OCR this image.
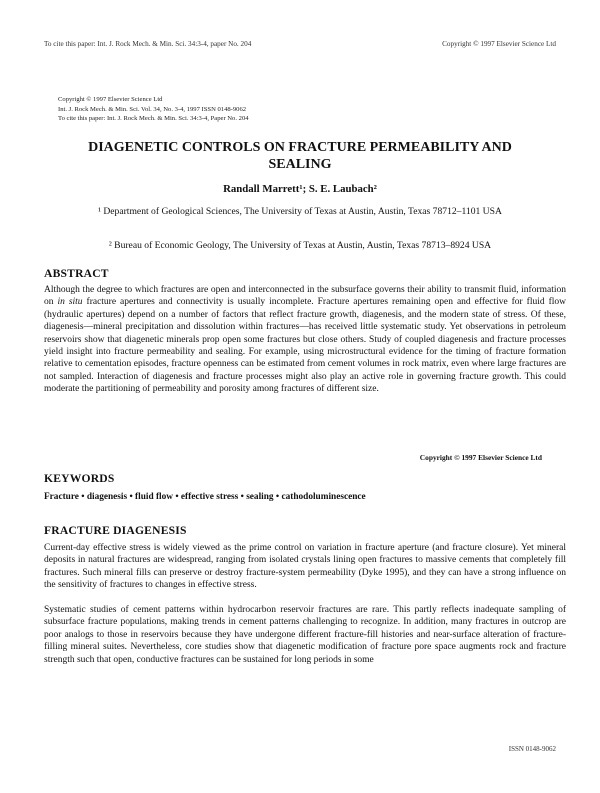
To cite this paper: Int. J. Rock Mech. & Min. Sci. 34:3-4, paper No. 204	Copyright © 1997 Elsevier Science Ltd
Copyright © 1997 Elsevier Science Ltd
Int. J. Rock Mech. & Min. Sci. Vol. 34, No. 3-4, 1997 ISSN 0148-9062
To cite this paper: Int. J. Rock Mech. & Min. Sci. 34:3-4, Paper No. 204
DIAGENETIC CONTROLS ON FRACTURE PERMEABILITY AND SEALING
Randall Marrett¹; S. E. Laubach²
¹ Department of Geological Sciences, The University of Texas at Austin, Austin, Texas 78712–1101 USA
² Bureau of Economic Geology, The University of Texas at Austin, Austin, Texas 78713–8924 USA
ABSTRACT

Although the degree to which fractures are open and interconnected in the subsurface governs their ability to transmit fluid, information on in situ fracture apertures and connectivity is usually incomplete. Fracture apertures remaining open and effective for fluid flow (hydraulic apertures) depend on a number of factors that reflect fracture growth, diagenesis, and the modern state of stress. Of these, diagenesis—mineral precipitation and dissolution within fractures—has received little systematic study. Yet observations in petroleum reservoirs show that diagenetic minerals prop open some fractures but close others. Study of coupled diagenesis and fracture processes yield insight into fracture permeability and sealing. For example, using microstructural evidence for the timing of fracture formation relative to cementation episodes, fracture openness can be estimated from cement volumes in rock matrix, even where large fractures are not sampled. Interaction of diagenesis and fracture processes might also play an active role in governing fracture growth. This could moderate the partitioning of permeability and porosity among fractures of different size.

Copyright © 1997 Elsevier Science Ltd
KEYWORDS
Fracture • diagenesis • fluid flow • effective stress • sealing • cathodoluminescence
FRACTURE DIAGENESIS

Current-day effective stress is widely viewed as the prime control on variation in fracture aperture (and fracture closure). Yet mineral deposits in natural fractures are widespread, ranging from isolated crystals lining open fractures to massive cements that completely fill fractures. Such mineral fills can preserve or destroy fracture-system permeability (Dyke 1995), and they can have a strong influence on the sensitivity of fractures to changes in effective stress.

Systematic studies of cement patterns within hydrocarbon reservoir fractures are rare. This partly reflects inadequate sampling of subsurface fracture populations, making trends in cement patterns challenging to recognize. In addition, many fractures in outcrop are poor analogs to those in reservoirs because they have undergone different fracture-fill histories and near-surface alteration of fracture-filling mineral suites. Nevertheless, core studies show that diagenetic modification of fracture pore space augments rock and fracture strength such that open, conductive fractures can be sustained for long periods in some

ISSN 0148-9062
